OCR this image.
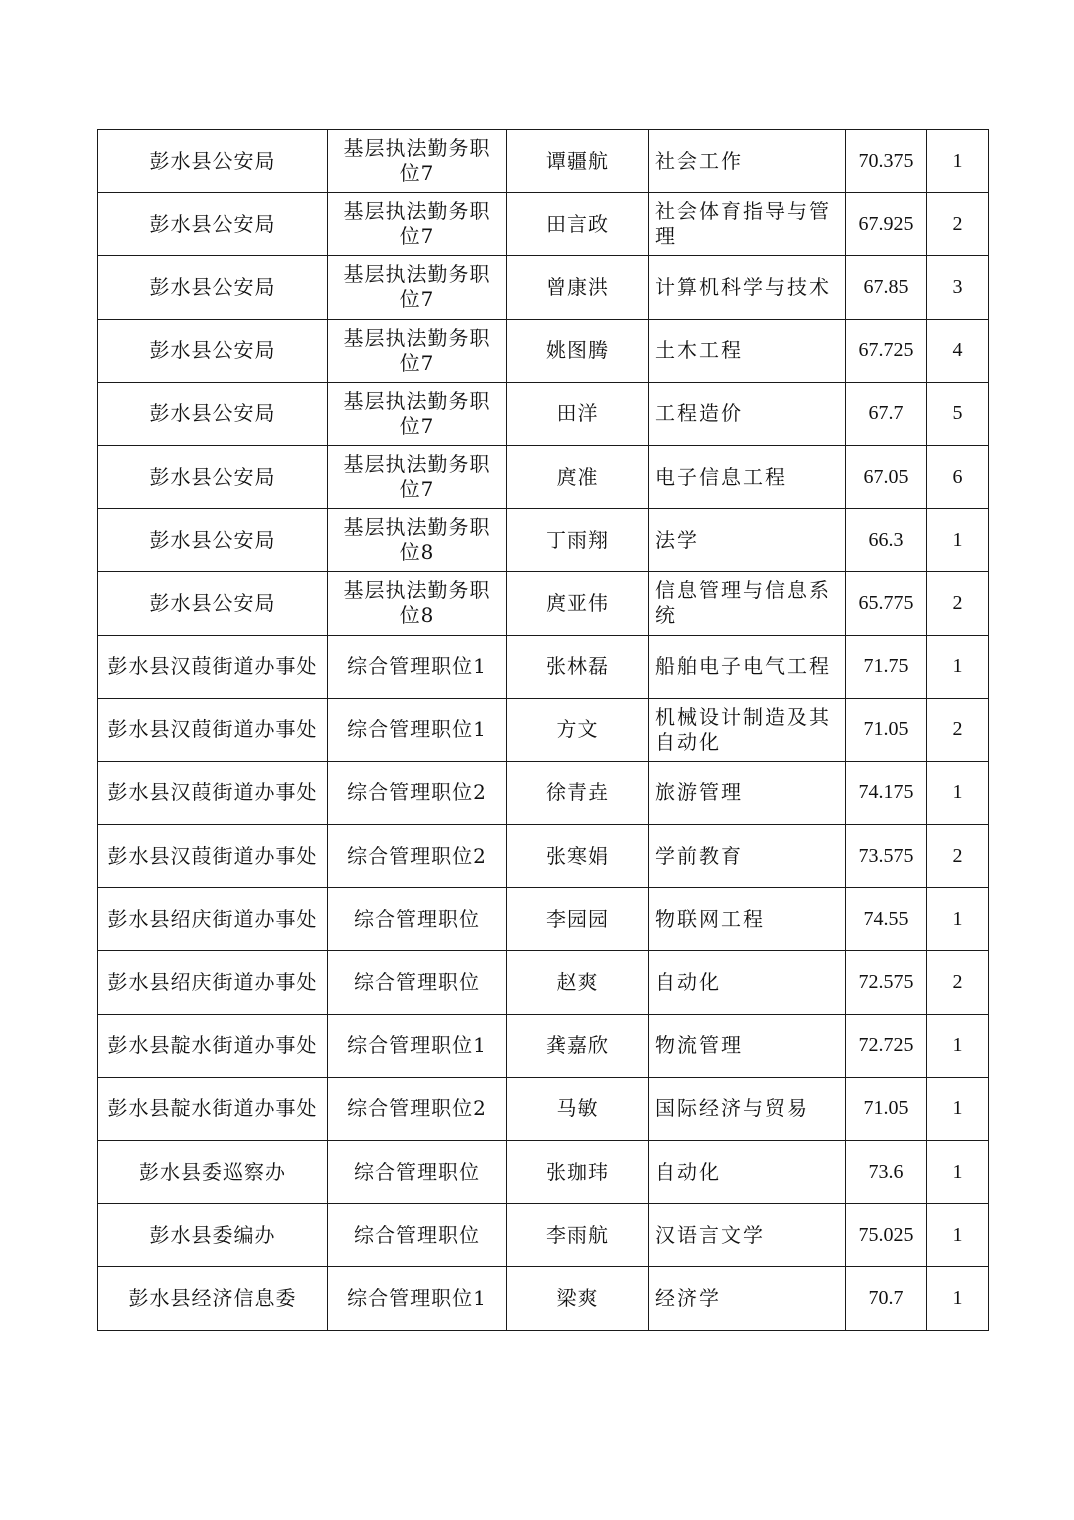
彭水县公安局	基层执法勤务职位7	谭疆航	社会工作	70.375	1
彭水县公安局	基层执法勤务职位7	田言政	社会体育指导与管理	67.925	2
彭水县公安局	基层执法勤务职位7	曾康洪	计算机科学与技术	67.85	3
彭水县公安局	基层执法勤务职位7	姚图腾	土木工程	67.725	4
彭水县公安局	基层执法勤务职位7	田洋	工程造价	67.7	5
彭水县公安局	基层执法勤务职位7	庹准	电子信息工程	67.05	6
彭水县公安局	基层执法勤务职位8	丁雨翔	法学	66.3	1
彭水县公安局	基层执法勤务职位8	庹亚伟	信息管理与信息系统	65.775	2
彭水县汉葭街道办事处	综合管理职位1	张林磊	船舶电子电气工程	71.75	1
彭水县汉葭街道办事处	综合管理职位1	方文	机械设计制造及其自动化	71.05	2
彭水县汉葭街道办事处	综合管理职位2	徐青垚	旅游管理	74.175	1
彭水县汉葭街道办事处	综合管理职位2	张寒娟	学前教育	73.575	2
彭水县绍庆街道办事处	综合管理职位	李园园	物联网工程	74.55	1
彭水县绍庆街道办事处	综合管理职位	赵爽	自动化	72.575	2
彭水县靛水街道办事处	综合管理职位1	龚嘉欣	物流管理	72.725	1
彭水县靛水街道办事处	综合管理职位2	马敏	国际经济与贸易	71.05	1
彭水县委巡察办	综合管理职位	张珈玮	自动化	73.6	1
彭水县委编办	综合管理职位	李雨航	汉语言文学	75.025	1
彭水县经济信息委	综合管理职位1	梁爽	经济学	70.7	1
